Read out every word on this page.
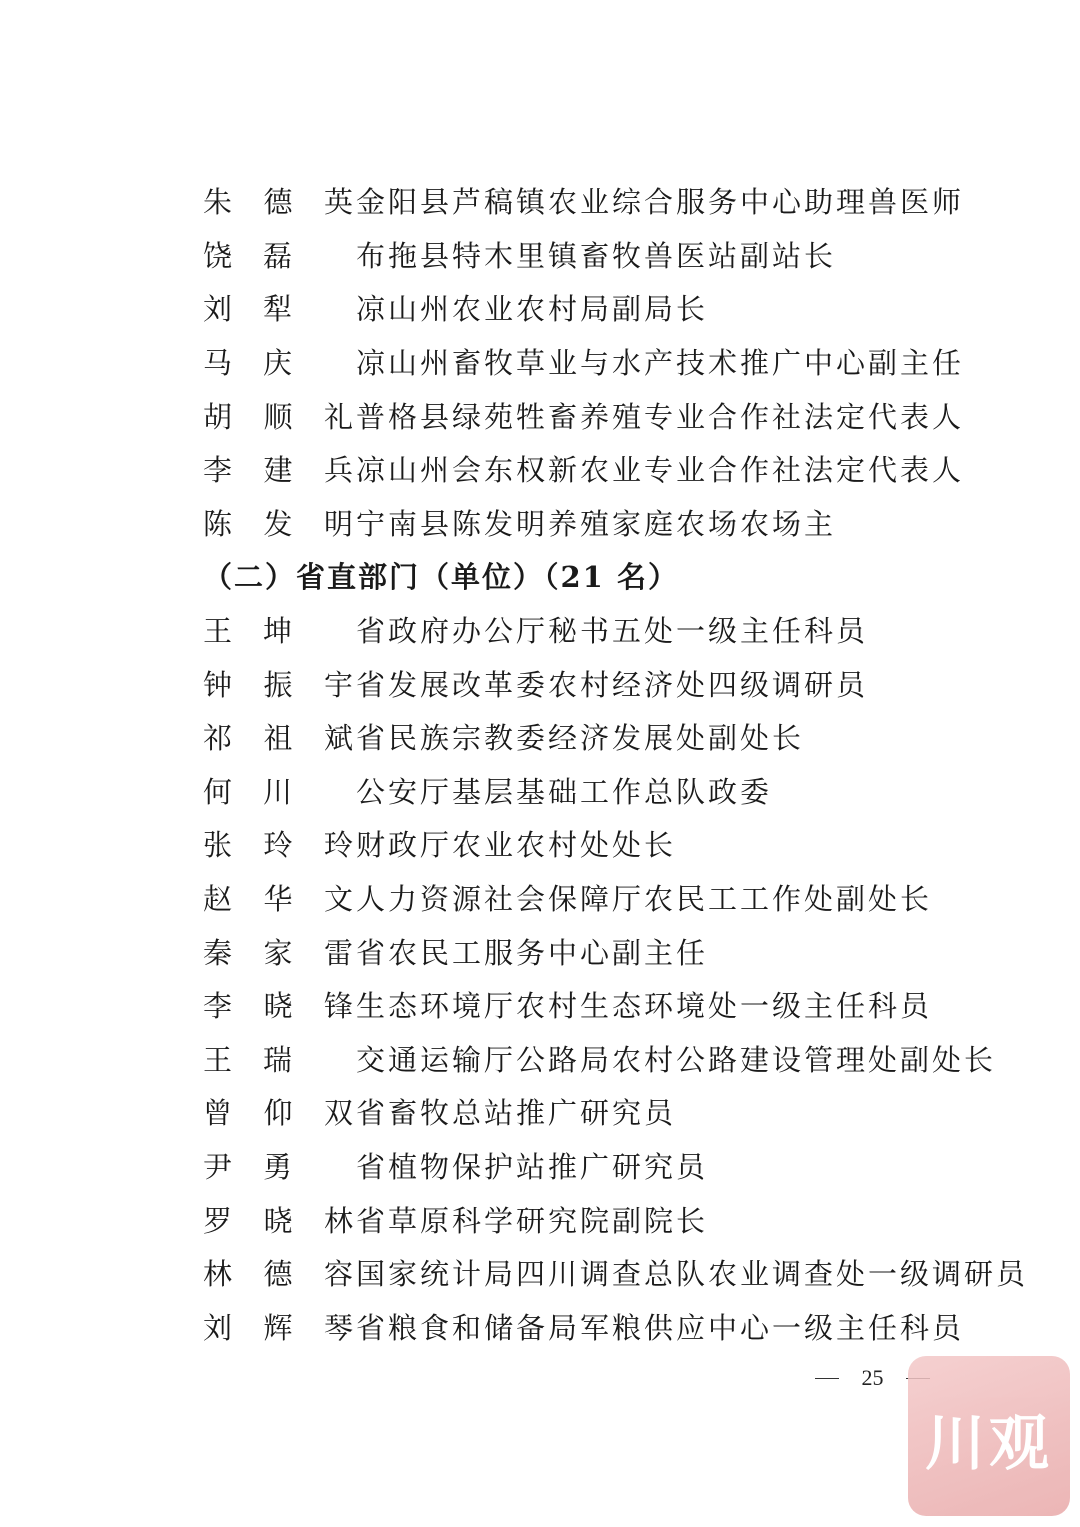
朱 德 英 金阳县芦稿镇农业综合服务中心助理兽医师
饶 磊 布拖县特木里镇畜牧兽医站副站长
刘 犁 凉山州农业农村局副局长
马 庆 凉山州畜牧草业与水产技术推广中心副主任
胡 顺 礼 普格县绿苑牲畜养殖专业合作社法定代表人
李 建 兵 凉山州会东权新农业专业合作社法定代表人
陈 发 明 宁南县陈发明养殖家庭农场农场主
（二）省直部门（单位）（21 名）
王 坤 省政府办公厅秘书五处一级主任科员
钟 振 宇 省发展改革委农村经济处四级调研员
祁 祖 斌 省民族宗教委经济发展处副处长
何 川 公安厅基层基础工作总队政委
张 玲 玲 财政厅农业农村处处长
赵 华 文 人力资源社会保障厅农民工工作处副处长
秦 家 雷 省农民工服务中心副主任
李 晓 锋 生态环境厅农村生态环境处一级主任科员
王 瑞 交通运输厅公路局农村公路建设管理处副处长
曾 仰 双 省畜牧总站推广研究员
尹 勇 省植物保护站推广研究员
罗 晓 林 省草原科学研究院副院长
林 德 容 国家统计局四川调查总队农业调查处一级调研员
刘 辉 琴 省粮食和储备局军粮供应中心一级主任科员
25
川观
